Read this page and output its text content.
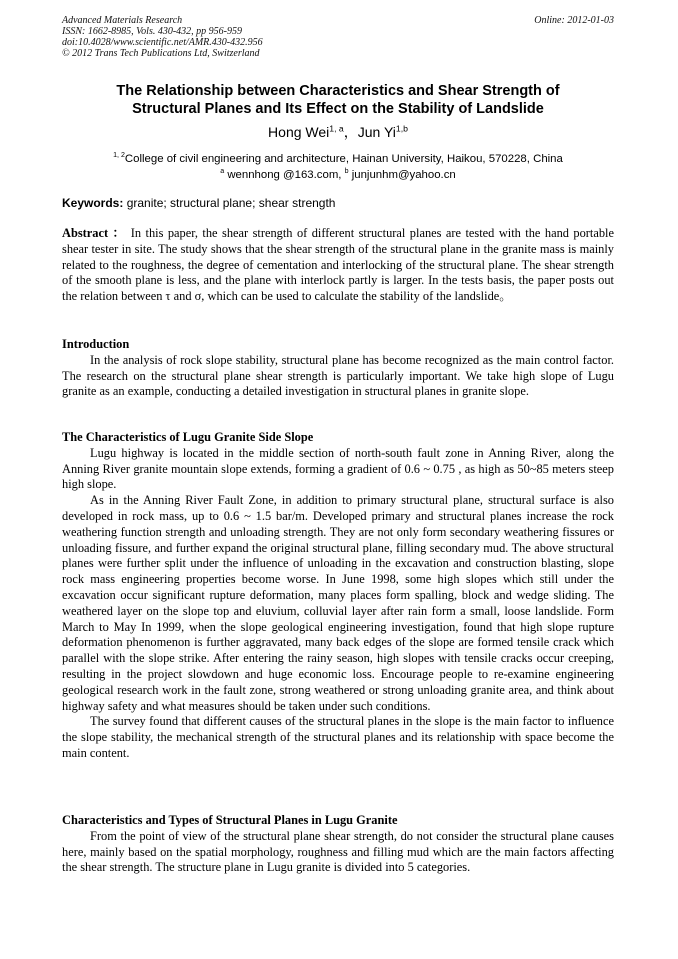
Advanced Materials Research
ISSN: 1662-8985, Vols. 430-432, pp 956-959
doi:10.4028/www.scientific.net/AMR.430-432.956
© 2012 Trans Tech Publications Ltd, Switzerland
Online: 2012-01-03
The Relationship between Characteristics and Shear Strength of
Structural Planes and Its Effect on the Stability of Landslide
Hong Wei$^{1, a}$，Jun Yi$^{1,b}$
$^{1, 2}$College of civil engineering and architecture, Hainan University, Haikou, 570228, China
$^a$ wennhong @163.com, $^b$ junjunhm@yahoo.cn
Keywords: granite; structural plane; shear strength

Abstract ： In this paper, the shear strength of different structural planes are tested with the hand portable shear tester in site. The study shows that the shear strength of the structural plane in the granite mass is mainly related to the roughness, the degree of cementation and interlocking of the structural plane. The shear strength of the smooth plane is less, and the plane with interlock partly is larger. In the tests basis, the paper posts out the relation between τ and σ, which can be used to calculate the stability of the landslide。

Introduction

In the analysis of rock slope stability, structural plane has become recognized as the main control factor. The research on the structural plane shear strength is particularly important. We take high slope of Lugu granite as an example, conducting a detailed investigation in structural planes in granite slope.

The Characteristics of Lugu Granite Side Slope

Lugu highway is located in the middle section of north-south fault zone in Anning River, along the Anning River granite mountain slope extends, forming a gradient of 0.6 ~ 0.75 , as high as 50~85 meters steep high slope.

As in the Anning River Fault Zone, in addition to primary structural plane, structural surface is also developed in rock mass, up to 0.6 ~ 1.5 bar/m. Developed primary and structural planes increase the rock weathering function strength and unloading strength. They are not only form secondary weathering fissures or unloading fissure, and further expand the original structural plane, filling secondary mud. The above structural planes were further split under the influence of unloading in the excavation and construction blasting, slope rock mass engineering properties become worse. In June 1998, some high slopes which still under the excavation occur significant rupture deformation, many places form spalling, block and wedge sliding. The weathered layer on the slope top and eluvium, colluvial layer after rain form a small, loose landslide. Form March to May In 1999, when the slope geological engineering investigation, found that high slope rupture deformation phenomenon is further aggravated, many back edges of the slope are formed tensile crack which parallel with the slope strike. After entering the rainy season, high slopes with tensile cracks occur creeping, resulting in the project slowdown and huge economic loss. Encourage people to re-examine engineering geological research work in the fault zone, strong weathered or strong unloading granite area, and think about highway safety and what measures should be taken under such conditions.

The survey found that different causes of the structural planes in the slope is the main factor to influence the slope stability, the mechanical strength of the structural planes and its relationship with space become the main content.

Characteristics and Types of Structural Planes in Lugu Granite

From the point of view of the structural plane shear strength, do not consider the structural plane causes here, mainly based on the spatial morphology, roughness and filling mud which are the main factors affecting the shear strength. The structure plane in Lugu granite is divided into 5 categories.
